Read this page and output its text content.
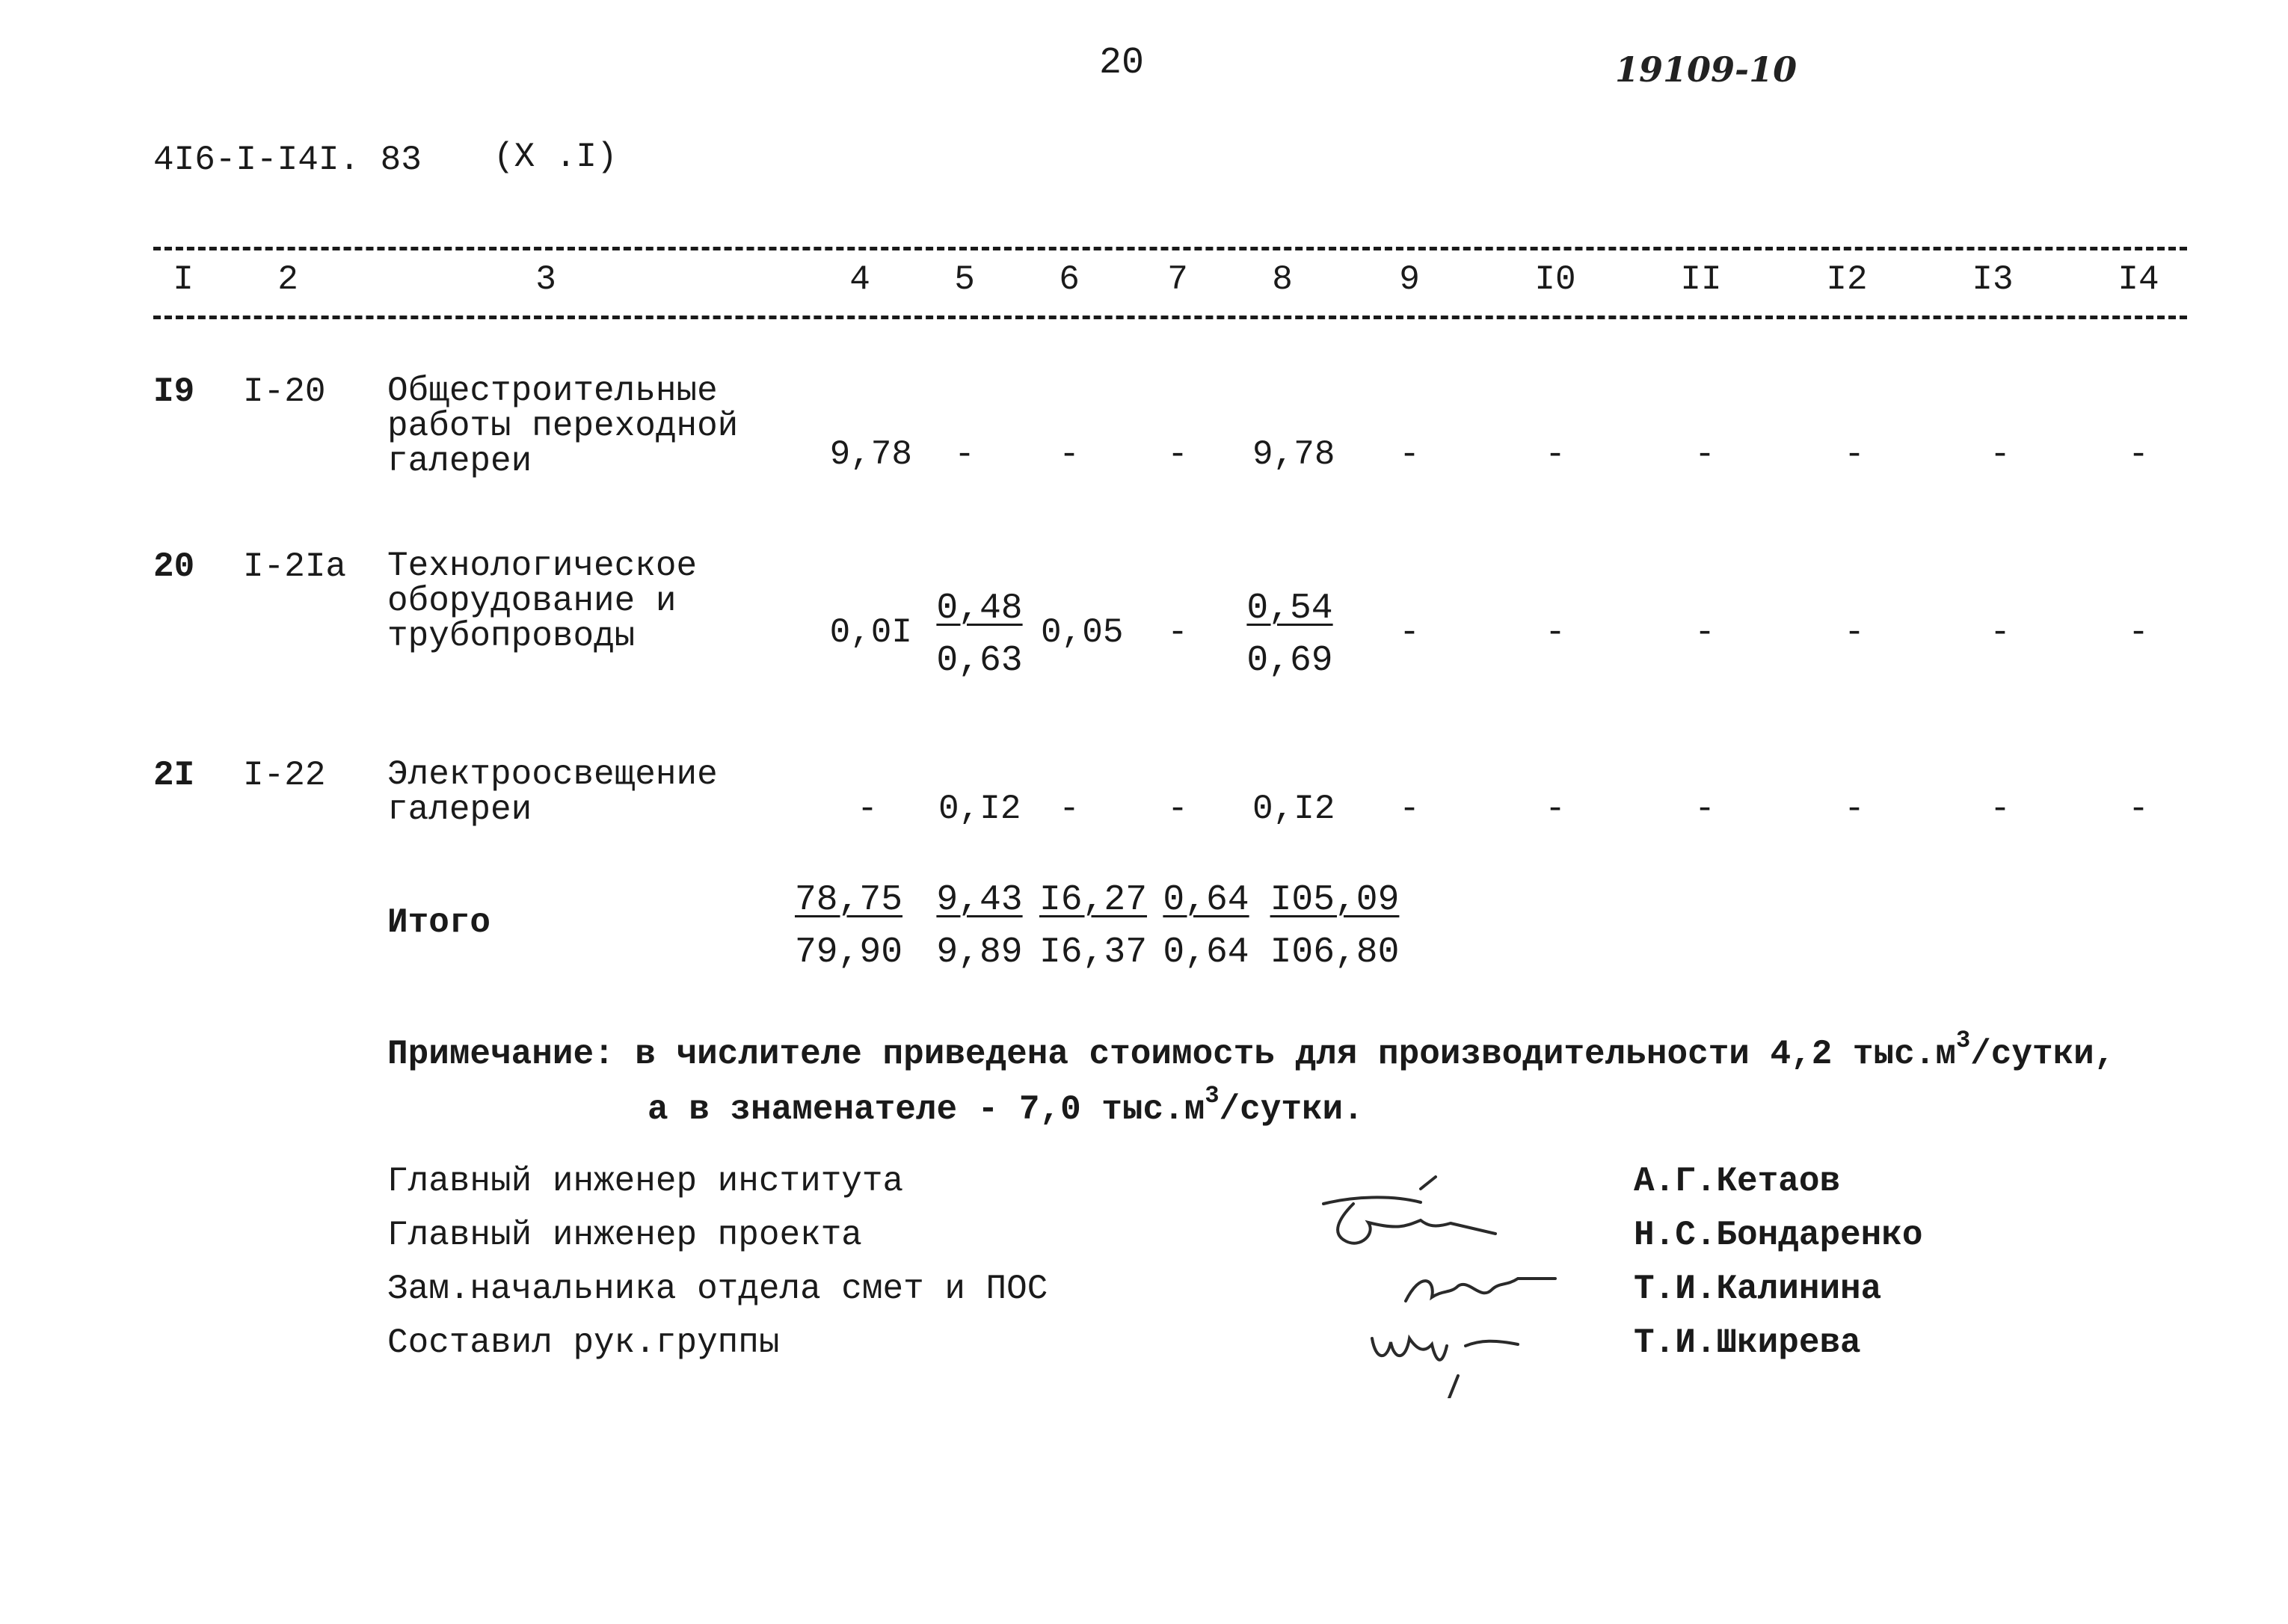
20	19109-10
4I6-I-I4I. 83 (X .I)
I	2	3	4	5	6	7	8	9	I0	II	I2	I3	I4
I9 I-20 Общестроительные
работы переходной
галереи	9,78	-	-	-	9,78	-	-	-	-	-	-
20 I-2Ia Технологическое
оборудование и
трубопроводы	$0,0I \frac{0,48}{0,63} 0,05$	-	$\frac{0,54}{0,69}$	-	-	-	-	-	-
2I I-22 Электроосвещение
галереи	-	0,I2	-	-	0,I2	-	-	-	-	-	-
Итого	$\frac{78,75}{79,90} \frac{9,43}{9,89} \frac{I6,27}{I6,37} \frac{0,64}{0,64} \frac{I05,09}{I06,80}$
Примечание: в числителе приведена стоимость для производительности 4,2 $тыс.м^3$/сутки,
а в знаменателе - 7,0 $тыс.м^3$/сутки.
Главный инженер института
Главный инженер проекта
Зам.начальника отдела смет и ПОС
Составил рук.группы
А.Г.Кетаов
Н.С.Бондаренко
Т.И.Калинина
Т.И.Шкирева
